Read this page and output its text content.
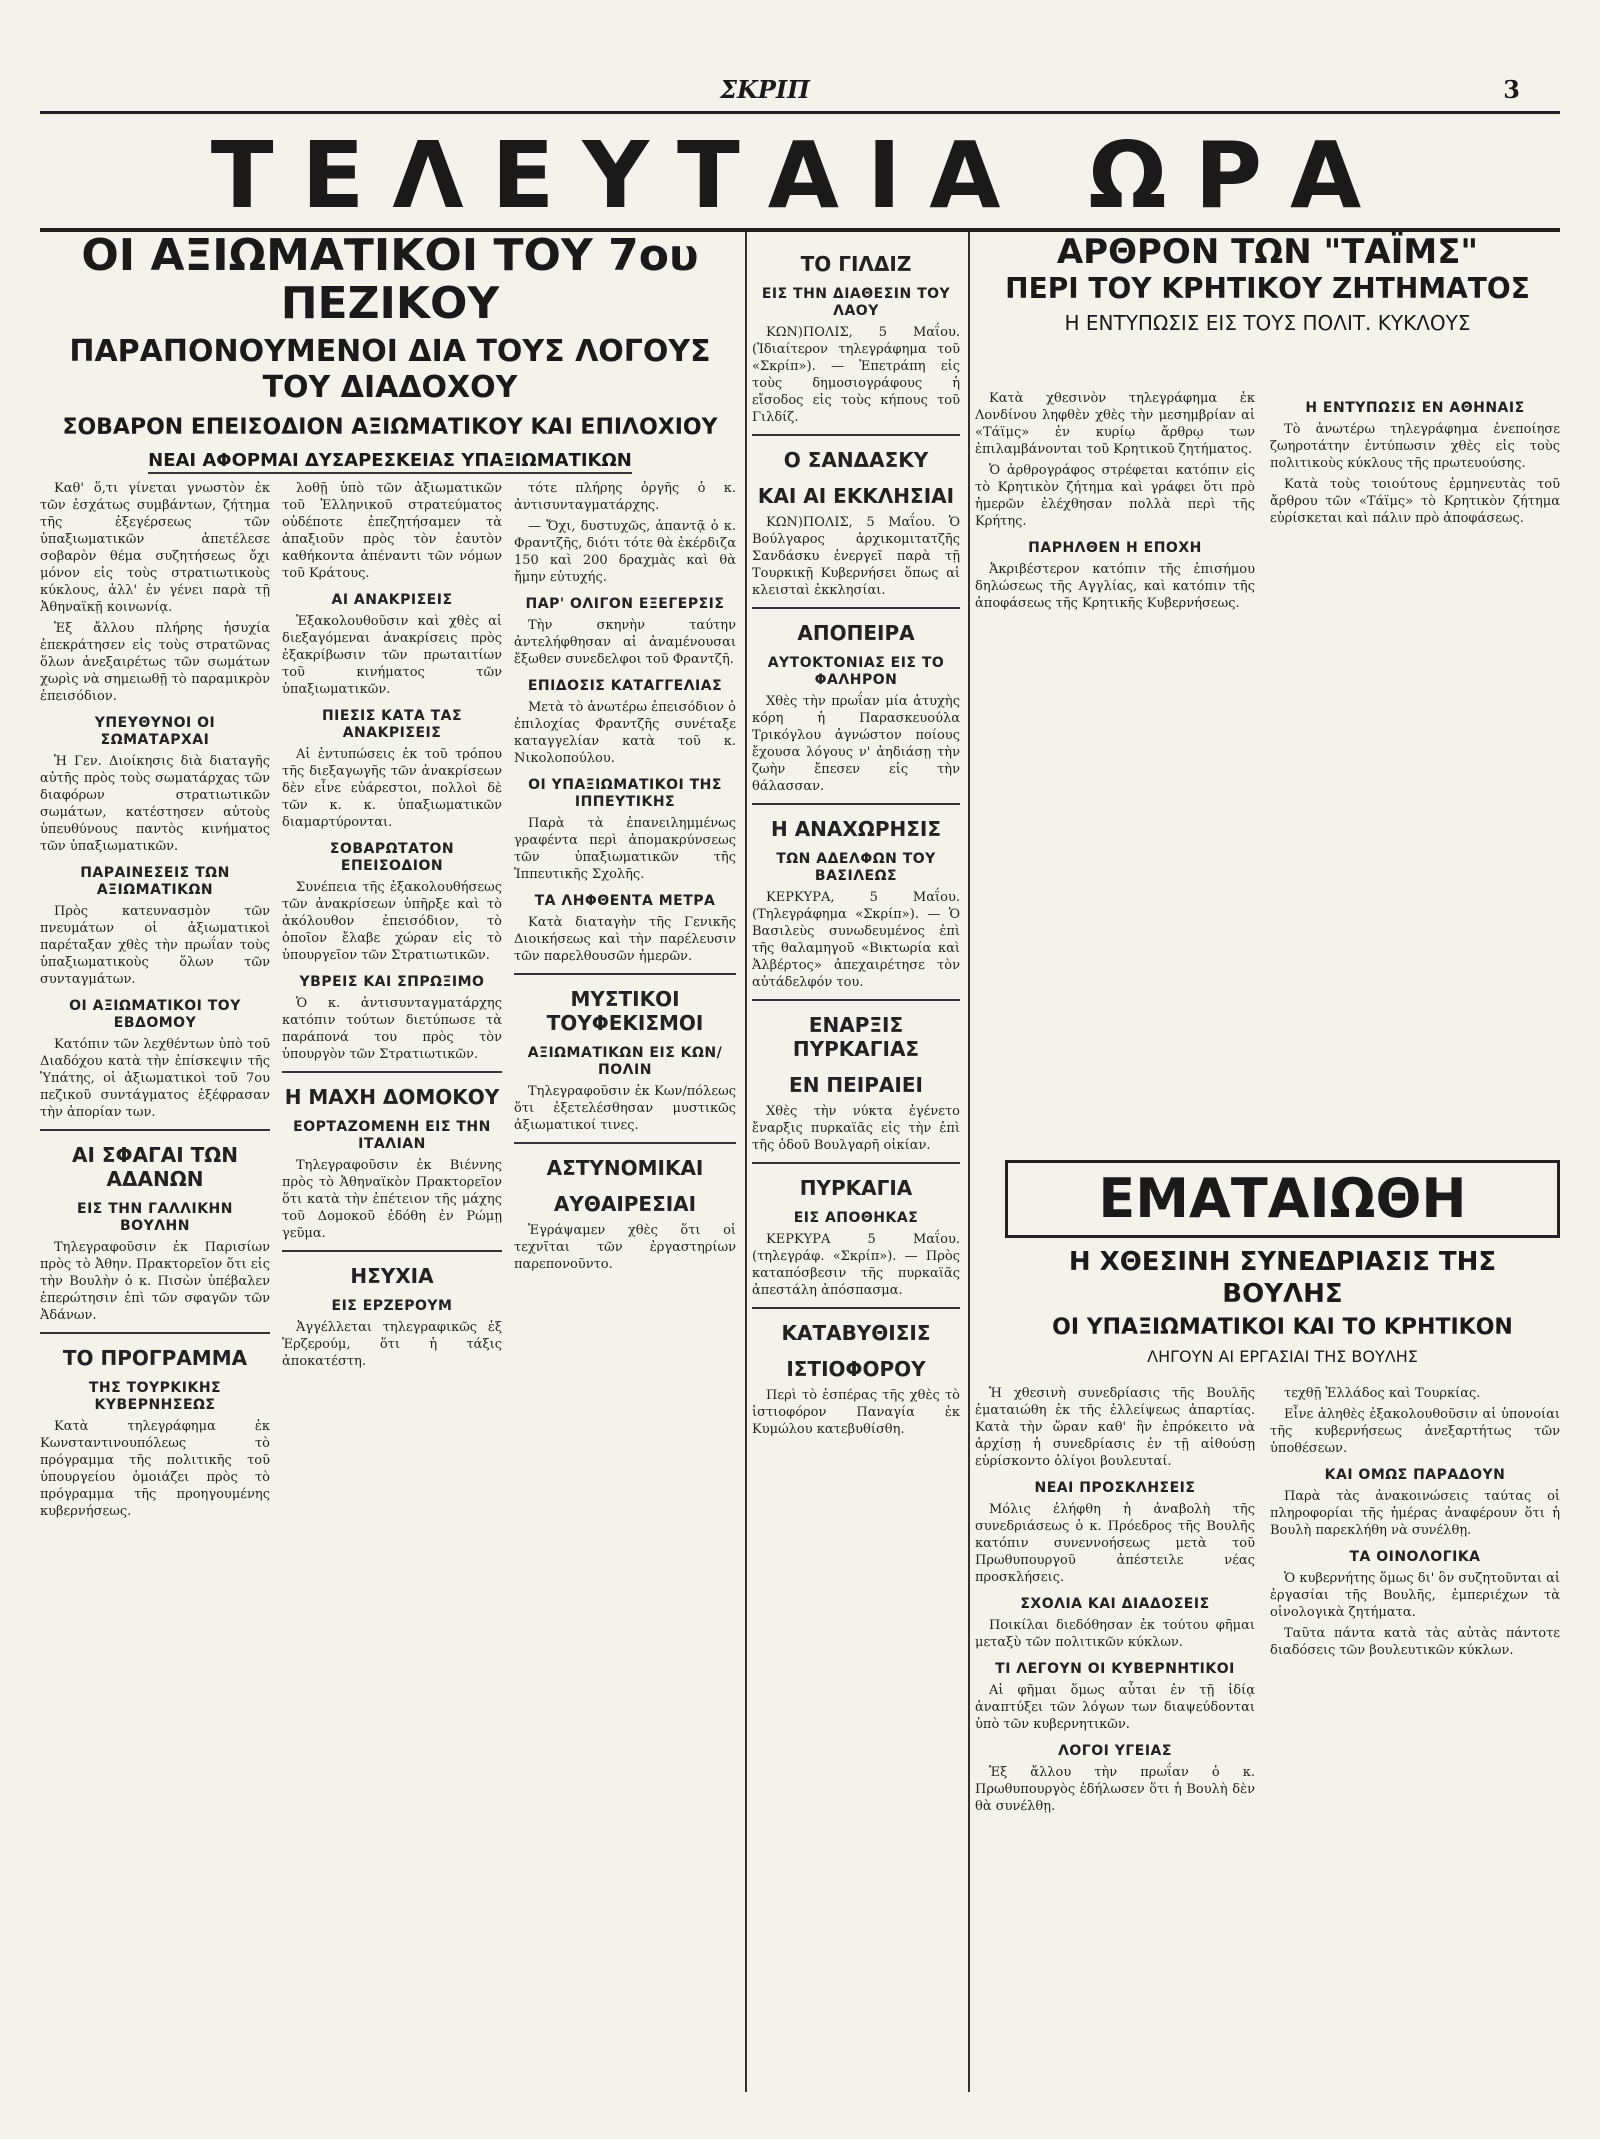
ΣΚΡΙΠ	3
ΤΕΛΕΥΤΑΙΑ ΩΡΑ
ΟΙ ΑΞΙΩΜΑΤΙΚΟΙ ΤΟΥ 7ου ΠΕΖΙΚΟΥ
ΠΑΡΑΠΟΝΟΥΜΕΝΟΙ ΔΙΑ ΤΟΥΣ ΛΟΓΟΥΣ ΤΟΥ ΔΙΑΔΟΧΟΥ
ΣΟΒΑΡΟΝ ΕΠΕΙΣΟΔΙΟΝ ΑΞΙΩΜΑΤΙΚΟΥ ΚΑΙ ΕΠΙΛΟΧΙΟΥ
ΝΕΑΙ ΑΦΟΡΜΑΙ ΔΥΣΑΡΕΣΚΕΙΑΣ ΥΠΑΞΙΩΜΑΤΙΚΩΝ

Καθ' ὅ,τι γίνεται γνωστὸν ἐκ τῶν ἐσχάτως συμβάντων, ζήτημα τῆς ἐξεγέρσεως τῶν ὑπαξιωματικῶν ἀπετέλεσε σοβαρὸν θέμα συζητήσεως ὄχι μόνον εἰς τοὺς στρατιωτικοὺς κύκλους, ἀλλ' ἐν γένει παρὰ τῇ Ἀθηναϊκῇ κοινωνίᾳ.

Ἐξ ἄλλου πλήρης ἡσυχία ἐπεκράτησεν εἰς τοὺς στρατῶνας ὅλων ἀνεξαιρέτως τῶν σωμάτων χωρὶς νὰ σημειωθῇ τὸ παραμικρὸν ἐπεισόδιον.

ΥΠΕΥΘΥΝΟΙ ΟΙ ΣΩΜΑΤΑΡΧΑΙ

Ἡ Γεν. Διοίκησις διὰ διαταγῆς αὐτῆς πρὸς τοὺς σωματάρχας τῶν διαφόρων στρατιωτικῶν σωμάτων, κατέστησεν αὐτοὺς ὑπευθύνους παντὸς κινήματος τῶν ὑπαξιωματικῶν.

ΠΑΡΑΙΝΕΣΕΙΣ ΤΩΝ ΑΞΙΩΜΑΤΙΚΩΝ

Πρὸς κατευνασμὸν τῶν πνευμάτων οἱ ἀξιωματικοὶ παρέταξαν χθὲς τὴν πρωΐαν τοὺς ὑπαξιωματικοὺς ὅλων τῶν συνταγμάτων.

ΟΙ ΑΞΙΩΜΑΤΙΚΟΙ ΤΟΥ ΕΒΔΟΜΟΥ

Κατόπιν τῶν λεχθέντων ὑπὸ τοῦ Διαδόχου κατὰ τὴν ἐπίσκεψιν τῆς Ὑπάτης, οἱ ἀξιωματικοὶ τοῦ 7ου πεζικοῦ συντάγματος ἐξέφρασαν τὴν ἀπορίαν των.

ΑΙ ΣΦΑΓΑΙ ΤΩΝ ΑΔΑΝΩΝ
ΕΙΣ ΤΗΝ ΓΑΛΛΙΚΗΝ ΒΟΥΛΗΝ

Τηλεγραφοῦσιν ἐκ Παρισίων πρὸς τὸ Ἀθην. Πρακτορεῖον ὅτι εἰς τὴν Βουλὴν ὁ κ. Πισὼν ὑπέβαλεν ἐπερώτησιν ἐπὶ τῶν σφαγῶν τῶν Ἀδάνων.

ΤΟ ΠΡΟΓΡΑΜΜΑ
ΤΗΣ ΤΟΥΡΚΙΚΗΣ ΚΥΒΕΡΝΗΣΕΩΣ

Κατὰ τηλεγράφημα ἐκ Κωνσταντινουπόλεως τὸ πρόγραμμα τῆς πολιτικῆς τοῦ ὑπουργείου ὁμοιάζει πρὸς τὸ πρόγραμμα τῆς προηγουμένης κυβερνήσεως.

λοθῇ ὑπὸ τῶν ἀξιωματικῶν τοῦ Ἑλληνικοῦ στρατεύματος οὐδέποτε ἐπεζητήσαμεν τὰ ἀπαξιοῦν πρὸς τὸν ἑαυτὸν καθήκοντα ἀπέναντι τῶν νόμων τοῦ Κράτους.

ΑΙ ΑΝΑΚΡΙΣΕΙΣ

Ἐξακολουθοῦσιν καὶ χθὲς αἱ διεξαγόμεναι ἀνακρίσεις πρὸς ἐξακρίβωσιν τῶν πρωταιτίων τοῦ κινήματος τῶν ὑπαξιωματικῶν.

ΠΙΕΣΙΣ ΚΑΤΑ ΤΑΣ ΑΝΑΚΡΙΣΕΙΣ

Αἱ ἐντυπώσεις ἐκ τοῦ τρόπου τῆς διεξαγωγῆς τῶν ἀνακρίσεων δὲν εἶνε εὐάρεστοι, πολλοὶ δὲ τῶν κ. κ. ὑπαξιωματικῶν διαμαρτύρονται.

ΣΟΒΑΡΩΤΑΤΟΝ ΕΠΕΙΣΟΔΙΟΝ

Συνέπεια τῆς ἐξακολουθήσεως τῶν ἀνακρίσεων ὑπῆρξε καὶ τὸ ἀκόλουθον ἐπεισόδιον, τὸ ὁποῖον ἔλαβε χώραν εἰς τὸ ὑπουργεῖον τῶν Στρατιωτικῶν.

ΥΒΡΕΙΣ ΚΑΙ ΣΠΡΩΞΙΜΟ

Ὁ κ. ἀντισυνταγματάρχης κατόπιν τούτων διετύπωσε τὰ παράπονά του πρὸς τὸν ὑπουργὸν τῶν Στρατιωτικῶν.

Η ΜΑΧΗ ΔΟΜΟΚΟΥ
ΕΟΡΤΑΖΟΜΕΝΗ ΕΙΣ ΤΗΝ ΙΤΑΛΙΑΝ

Τηλεγραφοῦσιν ἐκ Βιέννης πρὸς τὸ Ἀθηναϊκὸν Πρακτορεῖον ὅτι κατὰ τὴν ἐπέτειον τῆς μάχης τοῦ Δομοκοῦ ἐδόθη ἐν Ρώμῃ γεῦμα.

ΗΣΥΧΙΑ
ΕΙΣ ΕΡΖΕΡΟΥΜ

Ἀγγέλλεται τηλεγραφικῶς ἐξ Ἐρζερούμ, ὅτι ἡ τάξις ἀποκατέστη.

τότε πλήρης ὀργῆς ὁ κ. ἀντισυνταγματάρχης.

— Ὄχι, δυστυχῶς, ἀπαντᾷ ὁ κ. Φραντζῆς, διότι τότε θὰ ἐκέρδιζα 150 καὶ 200 δραχμὰς καὶ θὰ ἤμην εὐτυχής.

ΠΑΡ' ΟΛΙΓΟΝ ΕΞΕΓΕΡΣΙΣ

Τὴν σκηνὴν ταύτην ἀντελήφθησαν αἱ ἀναμένουσαι ἔξωθεν συνεδελφοι τοῦ Φραντζῆ.

ΕΠΙΔΟΣΙΣ ΚΑΤΑΓΓΕΛΙΑΣ

Μετὰ τὸ ἀνωτέρω ἐπεισόδιον ὁ ἐπιλοχίας Φραντζῆς συνέταξε καταγγελίαν κατὰ τοῦ κ. Νικολοπούλου.

ΟΙ ΥΠΑΞΙΩΜΑΤΙΚΟΙ ΤΗΣ ΙΠΠΕΥΤΙΚΗΣ

Παρὰ τὰ ἐπανειλημμένως γραφέντα περὶ ἀπομακρύνσεως τῶν ὑπαξιωματικῶν τῆς Ἱππευτικῆς Σχολῆς.

ΤΑ ΛΗΦΘΕΝΤΑ ΜΕΤΡΑ

Κατὰ διαταγὴν τῆς Γενικῆς Διοικήσεως καὶ τὴν παρέλευσιν τῶν παρελθουσῶν ἡμερῶν.

ΜΥΣΤΙΚΟΙ ΤΟΥΦΕΚΙΣΜΟΙ
ΑΞΙΩΜΑΤΙΚΩΝ ΕΙΣ ΚΩΝ/ΠΟΛΙΝ

Τηλεγραφοῦσιν ἐκ Κων/πόλεως ὅτι ἐξετελέσθησαν μυστικῶς ἀξιωματικοί τινες.

ΑΣΤΥΝΟΜΙΚΑΙ
ΑΥΘΑΙΡΕΣΙΑΙ

Ἐγράψαμεν χθὲς ὅτι οἱ τεχνῖται τῶν ἐργαστηρίων παρεπονοῦντο.

ΤΟ ΓΙΛΔΙΖ
ΕΙΣ ΤΗΝ ΔΙΑΘΕΣΙΝ ΤΟΥ ΛΑΟΥ

ΚΩΝ)ΠΟΛΙΣ, 5 Μαΐου. (Ἰδιαίτερον τηλεγράφημα τοῦ «Σκρίπ»). — Ἐπετράπη εἰς τοὺς δημοσιογράφους ἡ εἴσοδος εἰς τοὺς κήπους τοῦ Γιλδίζ.

Ο ΣΑΝΔΑΣΚΥ
ΚΑΙ ΑΙ ΕΚΚΛΗΣΙΑΙ

ΚΩΝ)ΠΟΛΙΣ, 5 Μαΐου. Ὁ Βούλγαρος ἀρχικομιτατζῆς Σανδάσκυ ἐνεργεῖ παρὰ τῇ Τουρκικῇ Κυβερνήσει ὅπως αἱ κλεισταὶ ἐκκλησίαι.

ΑΠΟΠΕΙΡΑ
ΑΥΤΟΚΤΟΝΙΑΣ ΕΙΣ ΤΟ ΦΑΛΗΡΟΝ

Χθὲς τὴν πρωΐαν μία ἀτυχὴς κόρη ἡ Παρασκευούλα Τρικόγλου ἀγνώστον ποίους ἔχουσα λόγους ν' ἀηδιάσῃ τὴν ζωὴν ἔπεσεν εἰς τὴν θάλασσαν.

Η ΑΝΑΧΩΡΗΣΙΣ
ΤΩΝ ΑΔΕΛΦΩΝ ΤΟΥ ΒΑΣΙΛΕΩΣ

ΚΕΡΚΥΡΑ, 5 Μαΐου. (Τηλεγράφημα «Σκρίπ»). — Ὁ Βασιλεὺς συνωδευμένος ἐπὶ τῆς θαλαμηγοῦ «Βικτωρία καὶ Ἀλβέρτος» ἀπεχαιρέτησε τὸν αὐτάδελφόν του.

ΕΝΑΡΞΙΣ ΠΥΡΚΑΓΙΑΣ
ΕΝ ΠΕΙΡΑΙΕΙ

Χθὲς τὴν νύκτα ἐγένετο ἔναρξις πυρκαϊᾶς εἰς τὴν ἐπὶ τῆς ὁδοῦ Βουλγαρῆ οἰκίαν.

ΠΥΡΚΑΓΙΑ
ΕΙΣ ΑΠΟΘΗΚΑΣ

ΚΕΡΚΥΡΑ 5 Μαΐου. (τηλεγράφ. «Σκρίπ»). — Πρὸς καταπόσβεσιν τῆς πυρκαϊᾶς ἀπεστάλη ἀπόσπασμα.

ΚΑΤΑΒΥΘΙΣΙΣ
ΙΣΤΙΟΦΟΡΟΥ

Περὶ τὸ ἑσπέρας τῆς χθὲς τὸ ἱστιοφόρον Παναγία ἐκ Κυμώλου κατεβυθίσθη.

ΑΡΘΡΟΝ ΤΩΝ "ΤΑΪΜΣ"
ΠΕΡΙ ΤΟΥ ΚΡΗΤΙΚΟΥ ΖΗΤΗΜΑΤΟΣ
Η ΕΝΤΥΠΩΣΙΣ ΕΙΣ ΤΟΥΣ ΠΟΛΙΤ. ΚΥΚΛΟΥΣ

Κατὰ χθεσινὸν τηλεγράφημα ἐκ Λονδίνου ληφθὲν χθὲς τὴν μεσημβρίαν αἱ «Τάϊμς» ἐν κυρίῳ ἄρθρῳ των ἐπιλαμβάνονται τοῦ Κρητικοῦ ζητήματος.

Ὁ ἀρθρογράφος στρέφεται κατόπιν εἰς τὸ Κρητικὸν ζήτημα καὶ γράφει ὅτι πρὸ ἡμερῶν ἐλέχθησαν πολλὰ περὶ τῆς Κρήτης.

ΠΑΡΗΛΘΕΝ Η ΕΠΟΧΗ

Ἀκριβέστερον κατόπιν τῆς ἐπισήμου δηλώσεως τῆς Αγγλίας, καὶ κατόπιν τῆς ἀποφάσεως τῆς Κρητικῆς Κυβερνήσεως.

Η ΕΝΤΥΠΩΣΙΣ ΕΝ ΑΘΗΝΑΙΣ

Τὸ ἀνωτέρω τηλεγράφημα ἐνεποίησε ζωηροτάτην ἐντύπωσιν χθὲς εἰς τοὺς πολιτικοὺς κύκλους τῆς πρωτευούσης.

Κατὰ τοὺς τοιούτους ἐρμηνευτὰς τοῦ ἄρθρου τῶν «Τάϊμς» τὸ Κρητικὸν ζήτημα εὑρίσκεται καὶ πάλιν πρὸ ἀποφάσεως.

ΕΜΑΤΑΙΩΘΗ
Η ΧΘΕΣΙΝΗ ΣΥΝΕΔΡΙΑΣΙΣ ΤΗΣ ΒΟΥΛΗΣ
ΟΙ ΥΠΑΞΙΩΜΑΤΙΚΟΙ ΚΑΙ ΤΟ ΚΡΗΤΙΚΟΝ
ΛΗΓΟΥΝ ΑΙ ΕΡΓΑΣΙΑΙ ΤΗΣ ΒΟΥΛΗΣ

Ἡ χθεσινὴ συνεδρίασις τῆς Βουλῆς ἐματαιώθη ἐκ τῆς ἐλλείψεως ἀπαρτίας. Κατὰ τὴν ὥραν καθ' ἣν ἐπρόκειτο νὰ ἀρχίσῃ ἡ συνεδρίασις ἐν τῇ αἰθούσῃ εὑρίσκοντο ὀλίγοι βουλευταί.

ΝΕΑΙ ΠΡΟΣΚΛΗΣΕΙΣ

Μόλις ἐλήφθη ἡ ἀναβολὴ τῆς συνεδριάσεως ὁ κ. Πρόεδρος τῆς Βουλῆς κατόπιν συνεννοήσεως μετὰ τοῦ Πρωθυπουργοῦ ἀπέστειλε νέας προσκλήσεις.

ΣΧΟΛΙΑ ΚΑΙ ΔΙΑΔΟΣΕΙΣ

Ποικίλαι διεδόθησαν ἐκ τούτου φῆμαι μεταξὺ τῶν πολιτικῶν κύκλων.

ΤΙ ΛΕΓΟΥΝ ΟΙ ΚΥΒΕΡΝΗΤΙΚΟΙ

Αἱ φῆμαι ὅμως αὗται ἐν τῇ ἰδίᾳ ἀναπτύξει τῶν λόγων των διαψεύδονται ὑπὸ τῶν κυβερνητικῶν.

ΛΟΓΟΙ ΥΓΕΙΑΣ

Ἐξ ἄλλου τὴν πρωΐαν ὁ κ. Πρωθυπουργὸς ἐδήλωσεν ὅτι ἡ Βουλὴ δὲν θὰ συνέλθῃ.

τεχθῇ Ἑλλάδος καὶ Τουρκίας.

Εἶνε ἀληθὲς ἐξακολουθοῦσιν αἱ ὑπονοίαι τῆς κυβερνήσεως ἀνεξαρτήτως τῶν ὑποθέσεων.

ΚΑΙ ΟΜΩΣ ΠΑΡΑΔΟΥΝ

Παρὰ τὰς ἀνακοινώσεις ταύτας οἱ πληροφορίαι τῆς ἡμέρας ἀναφέρουν ὅτι ἡ Βουλὴ παρεκλήθη νὰ συνέλθῃ.

ΤΑ ΟΙΝΟΛΟΓΙΚΑ

Ὁ κυβερνήτης ὅμως δι' ὃν συζητοῦνται αἱ ἐργασίαι τῆς Βουλῆς, ἐμπεριέχων τὰ οἰνολογικὰ ζητήματα.

Ταῦτα πάντα κατὰ τὰς αὐτὰς πάντοτε διαδόσεις τῶν βουλευτικῶν κύκλων.
